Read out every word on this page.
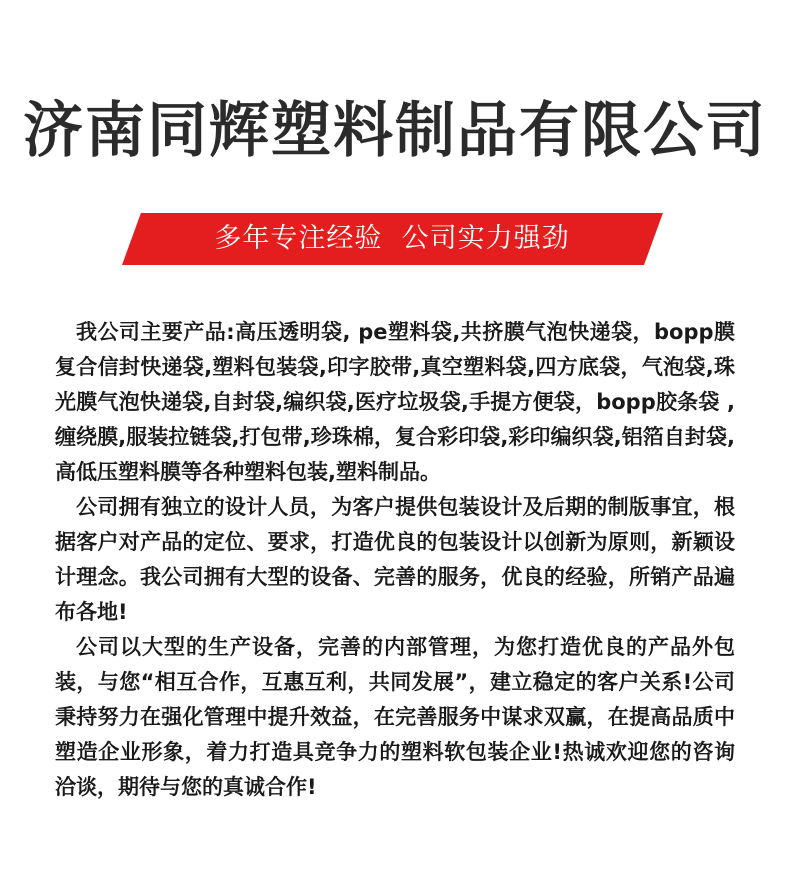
济南同辉塑料制品有限公司
多年专注经验  公司实力强劲

我公司主要产品:高压透明袋, pe塑料袋,共挤膜气泡快递袋，bopp膜复合信封快递袋,塑料包装袋,印字胶带,真空塑料袋,四方底袋，气泡袋,珠光膜气泡快递袋,自封袋,编织袋,医疗垃圾袋,手提方便袋，bopp胶条袋 ,缠绕膜,服装拉链袋,打包带,珍珠棉，复合彩印袋,彩印编织袋,铝箔自封袋,高低压塑料膜等各种塑料包装,塑料制品。

公司拥有独立的设计人员，为客户提供包装设计及后期的制版事宜，根据客户对产品的定位、要求，打造优良的包装设计以创新为原则，新颖设计理念。我公司拥有大型的设备、完善的服务，优良的经验，所销产品遍布各地!

公司以大型的生产设备，完善的内部管理，为您打造优良的产品外包装，与您“相互合作，互惠互利，共同发展”，建立稳定的客户关系!公司秉持努力在强化管理中提升效益，在完善服务中谋求双赢，在提高品质中塑造企业形象，着力打造具竞争力的塑料软包装企业!热诚欢迎您的咨询洽谈，期待与您的真诚合作!
